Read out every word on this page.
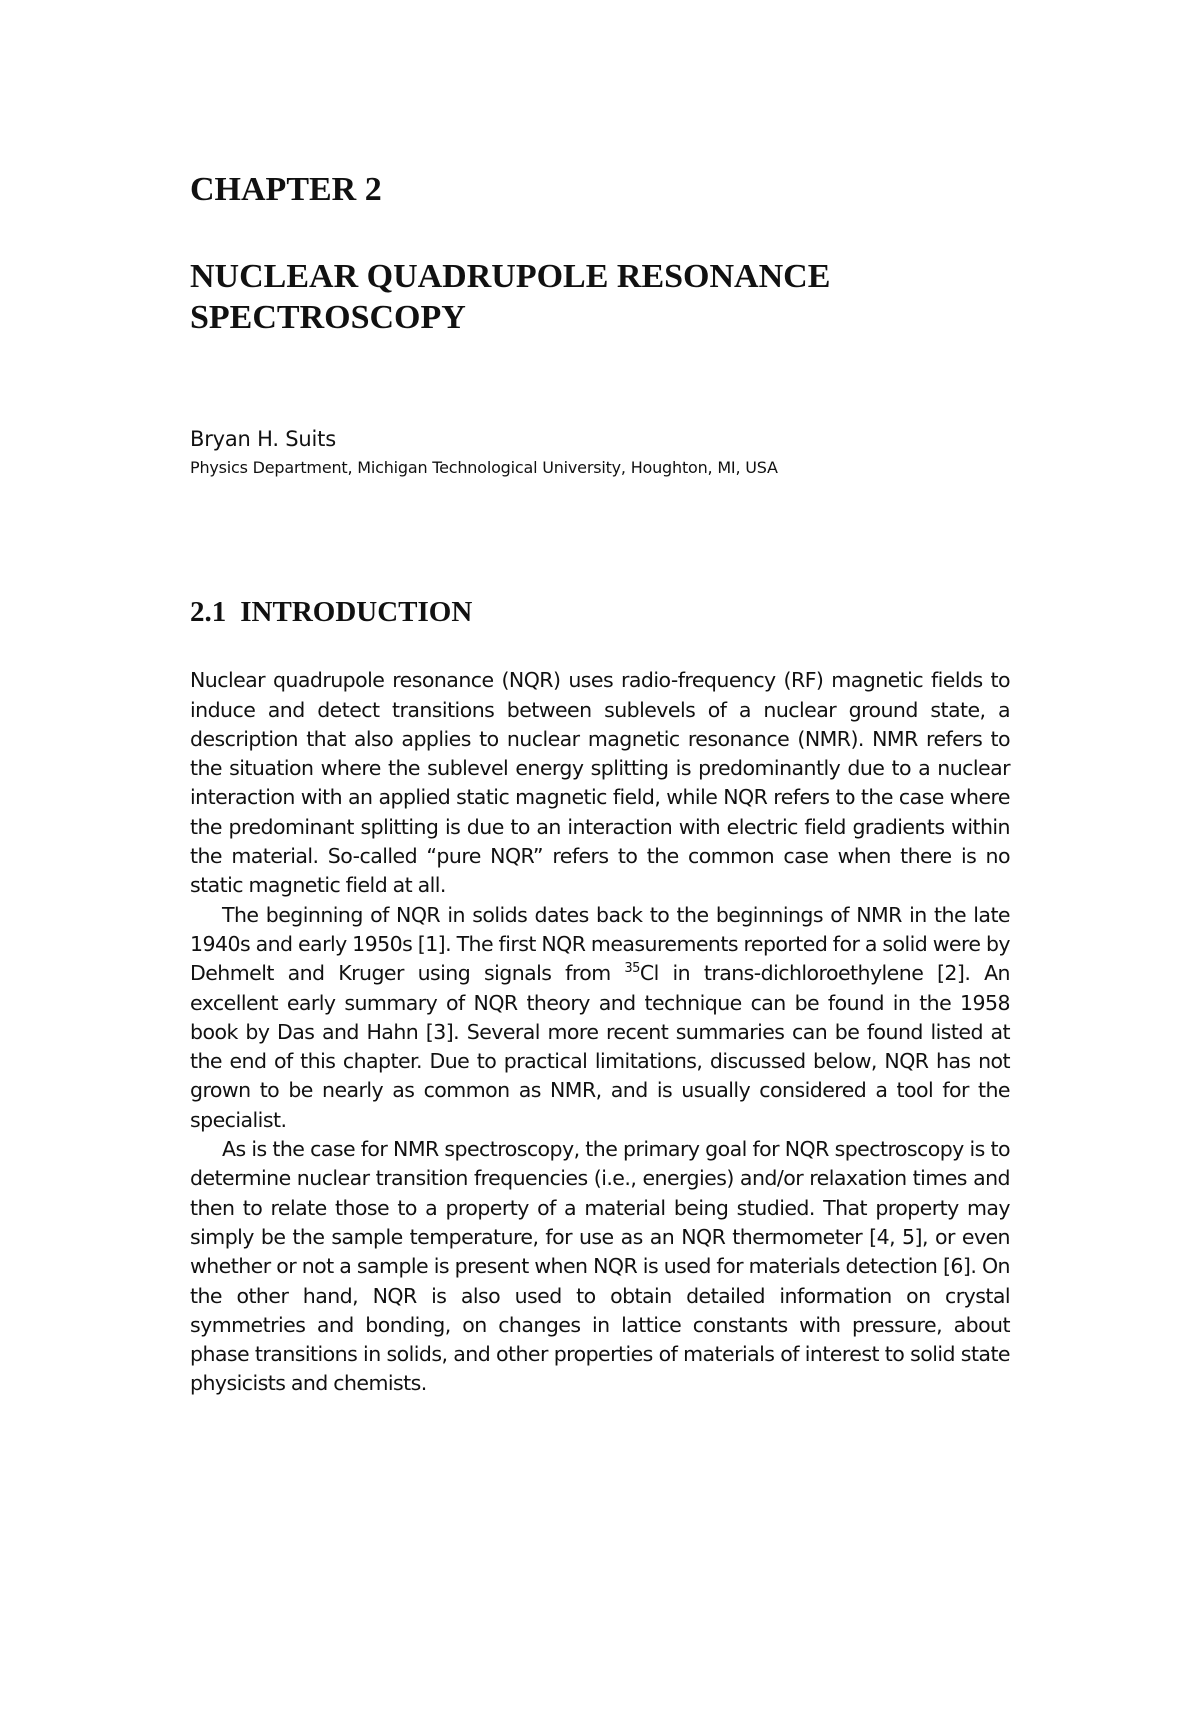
CHAPTER 2
NUCLEAR QUADRUPOLE RESONANCE SPECTROSCOPY
Bryan H. Suits
Physics Department, Michigan Technological University, Houghton, MI, USA
2.1 INTRODUCTION

Nuclear quadrupole resonance (NQR) uses radio-frequency (RF) magnetic fields to induce and detect transitions between sublevels of a nuclear ground state, a description that also applies to nuclear magnetic resonance (NMR). NMR refers to the situation where the sublevel energy splitting is predominantly due to a nuclear interaction with an applied static magnetic field, while NQR refers to the case where the predominant splitting is due to an interaction with electric field gradients within the material. So-called “pure NQR” refers to the common case when there is no static magnetic field at all.

The beginning of NQR in solids dates back to the beginnings of NMR in the late 1940s and early 1950s [1]. The first NQR measurements reported for a solid were by Dehmelt and Kruger using signals from $^{35}$Cl in trans-dichloroethylene [2]. An excellent early summary of NQR theory and technique can be found in the 1958 book by Das and Hahn [3]. Several more recent summaries can be found listed at the end of this chapter. Due to practical limitations, discussed below, NQR has not grown to be nearly as common as NMR, and is usually considered a tool for the specialist.

As is the case for NMR spectroscopy, the primary goal for NQR spectroscopy is to determine nuclear transition frequencies (i.e., energies) and/or relaxation times and then to relate those to a property of a material being studied. That property may simply be the sample temperature, for use as an NQR thermometer [4, 5], or even whether or not a sample is present when NQR is used for materials detection [6]. On the other hand, NQR is also used to obtain detailed information on crystal symmetries and bonding, on changes in lattice constants with pressure, about phase transitions in solids, and other properties of materials of interest to solid state physicists and chemists.
